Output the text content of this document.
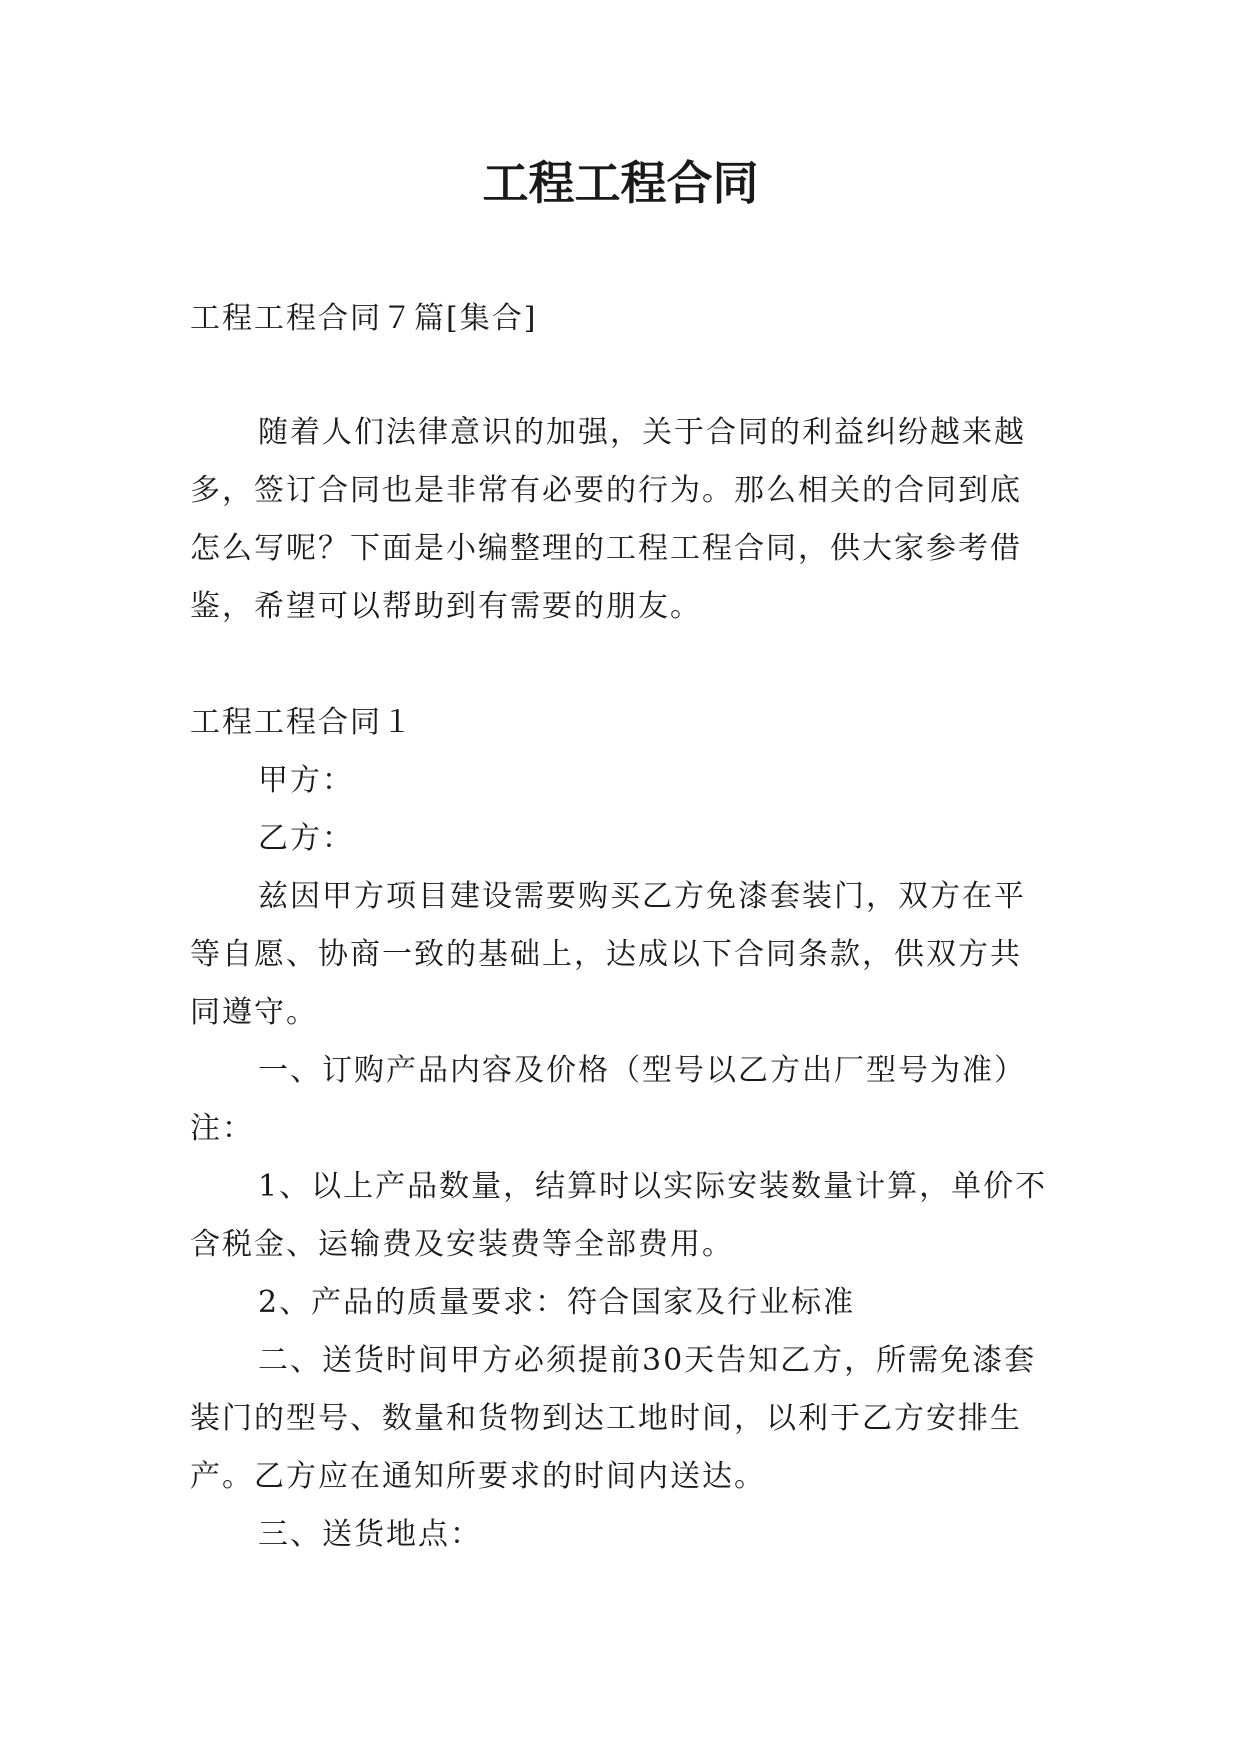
工程工程合同

工程工程合同７篇[集合]

随着人们法律意识的加强，关于合同的利益纠纷越来越多，签订合同也是非常有必要的行为。那么相关的合同到底怎么写呢？下面是小编整理的工程工程合同，供大家参考借鉴，希望可以帮助到有需要的朋友。

工程工程合同１

甲方：

乙方：

兹因甲方项目建设需要购买乙方免漆套装门，双方在平等自愿、协商一致的基础上，达成以下合同条款，供双方共同遵守。

一、订购产品内容及价格（型号以乙方出厂型号为准）注：

1、以上产品数量，结算时以实际安装数量计算，单价不含税金、运输费及安装费等全部费用。

2、产品的质量要求：符合国家及行业标准

二、送货时间甲方必须提前30天告知乙方，所需免漆套装门的型号、数量和货物到达工地时间，以利于乙方安排生产。乙方应在通知所要求的时间内送达。

三、送货地点：
